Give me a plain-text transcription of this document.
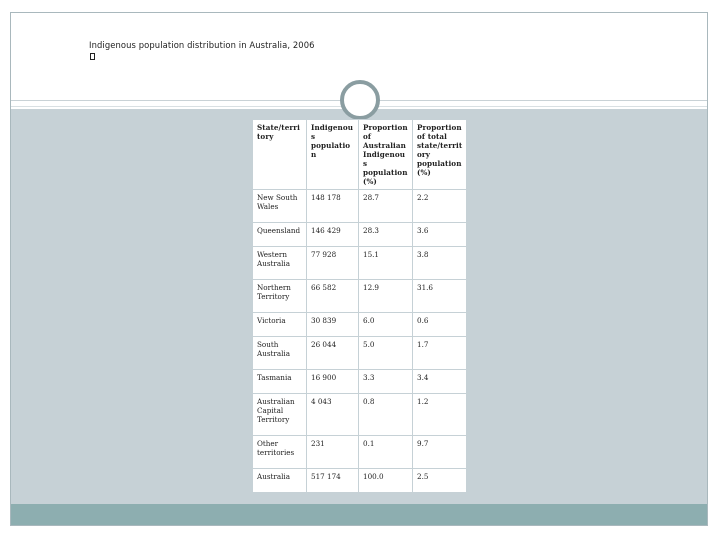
Indigenous population distribution in Australia, 2006
State/territory	Indigenous population	Proportion of Australian Indigenous population (%)	Proportion of total state/territory population (%)
New South Wales	148 178	28.7	2.2
Queensland	146 429	28.3	3.6
Western Australia	77 928	15.1	3.8
Northern Territory	66 582	12.9	31.6
Victoria	30 839	6.0	0.6
South Australia	26 044	5.0	1.7
Tasmania	16 900	3.3	3.4
Australian Capital Territory	4 043	0.8	1.2
Other territories	231	0.1	9.7
Australia	517 174	100.0	2.5
